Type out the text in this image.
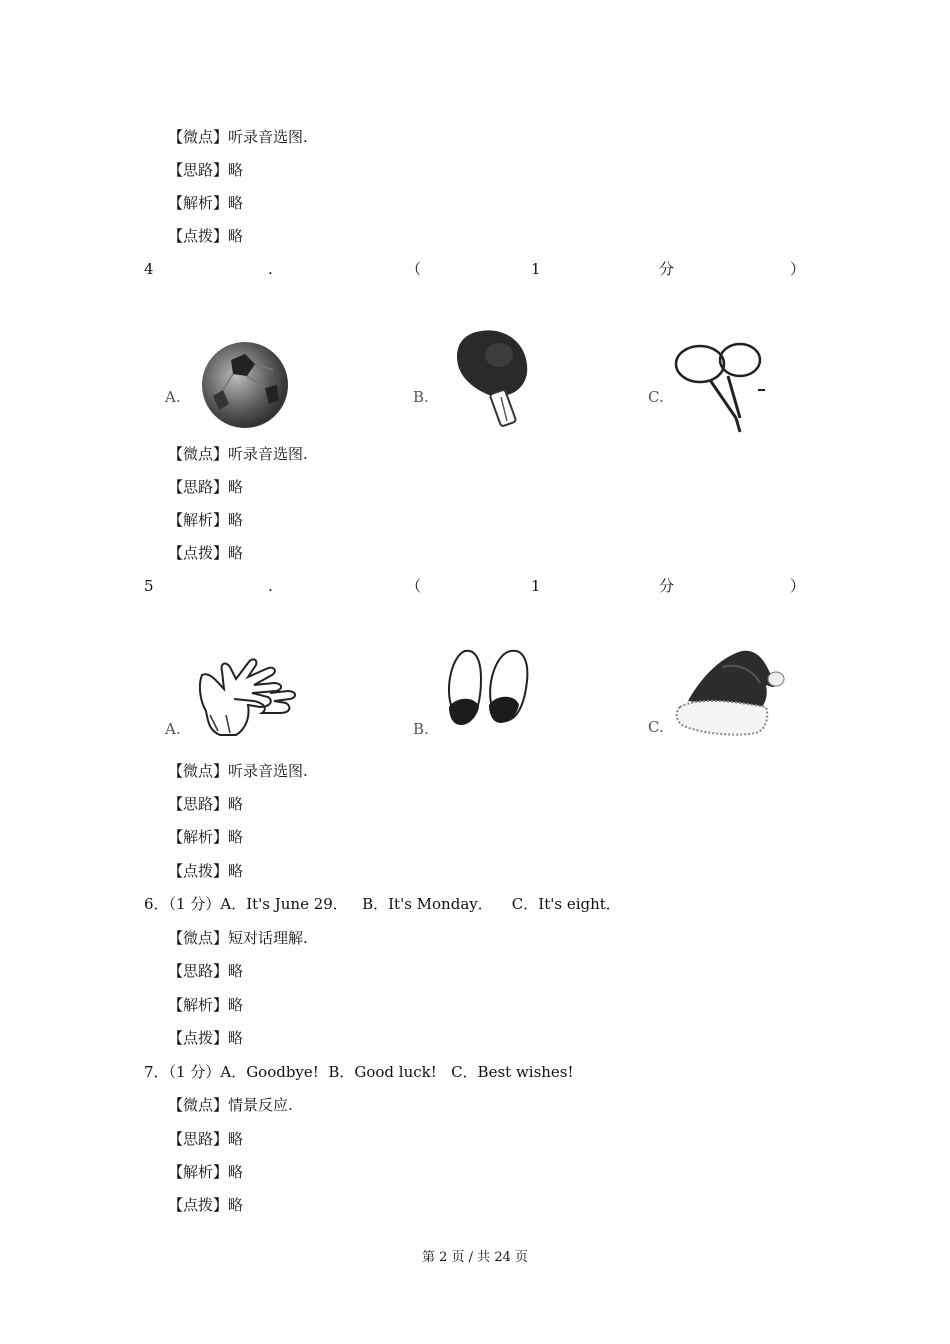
【微点】听录音选图.
【思路】略
【解析】略
【点拨】略
4	.	（	1	分	）
A.	B.	C.
【微点】听录音选图.
【思路】略
【解析】略
【点拨】略
5	.	（	1	分	）
A.	B.	C.
【微点】听录音选图.
【思路】略
【解析】略
【点拨】略
6．（1 分）A．It's June 29．   B．It's Monday．    C．It's eight．
【微点】短对话理解.
【思路】略
【解析】略
【点拨】略
7．（1 分）A．Goodbye!  B．Good luck!   C．Best wishes!
【微点】情景反应.
【思路】略
【解析】略
【点拨】略
第 2 页 / 共 24 页
